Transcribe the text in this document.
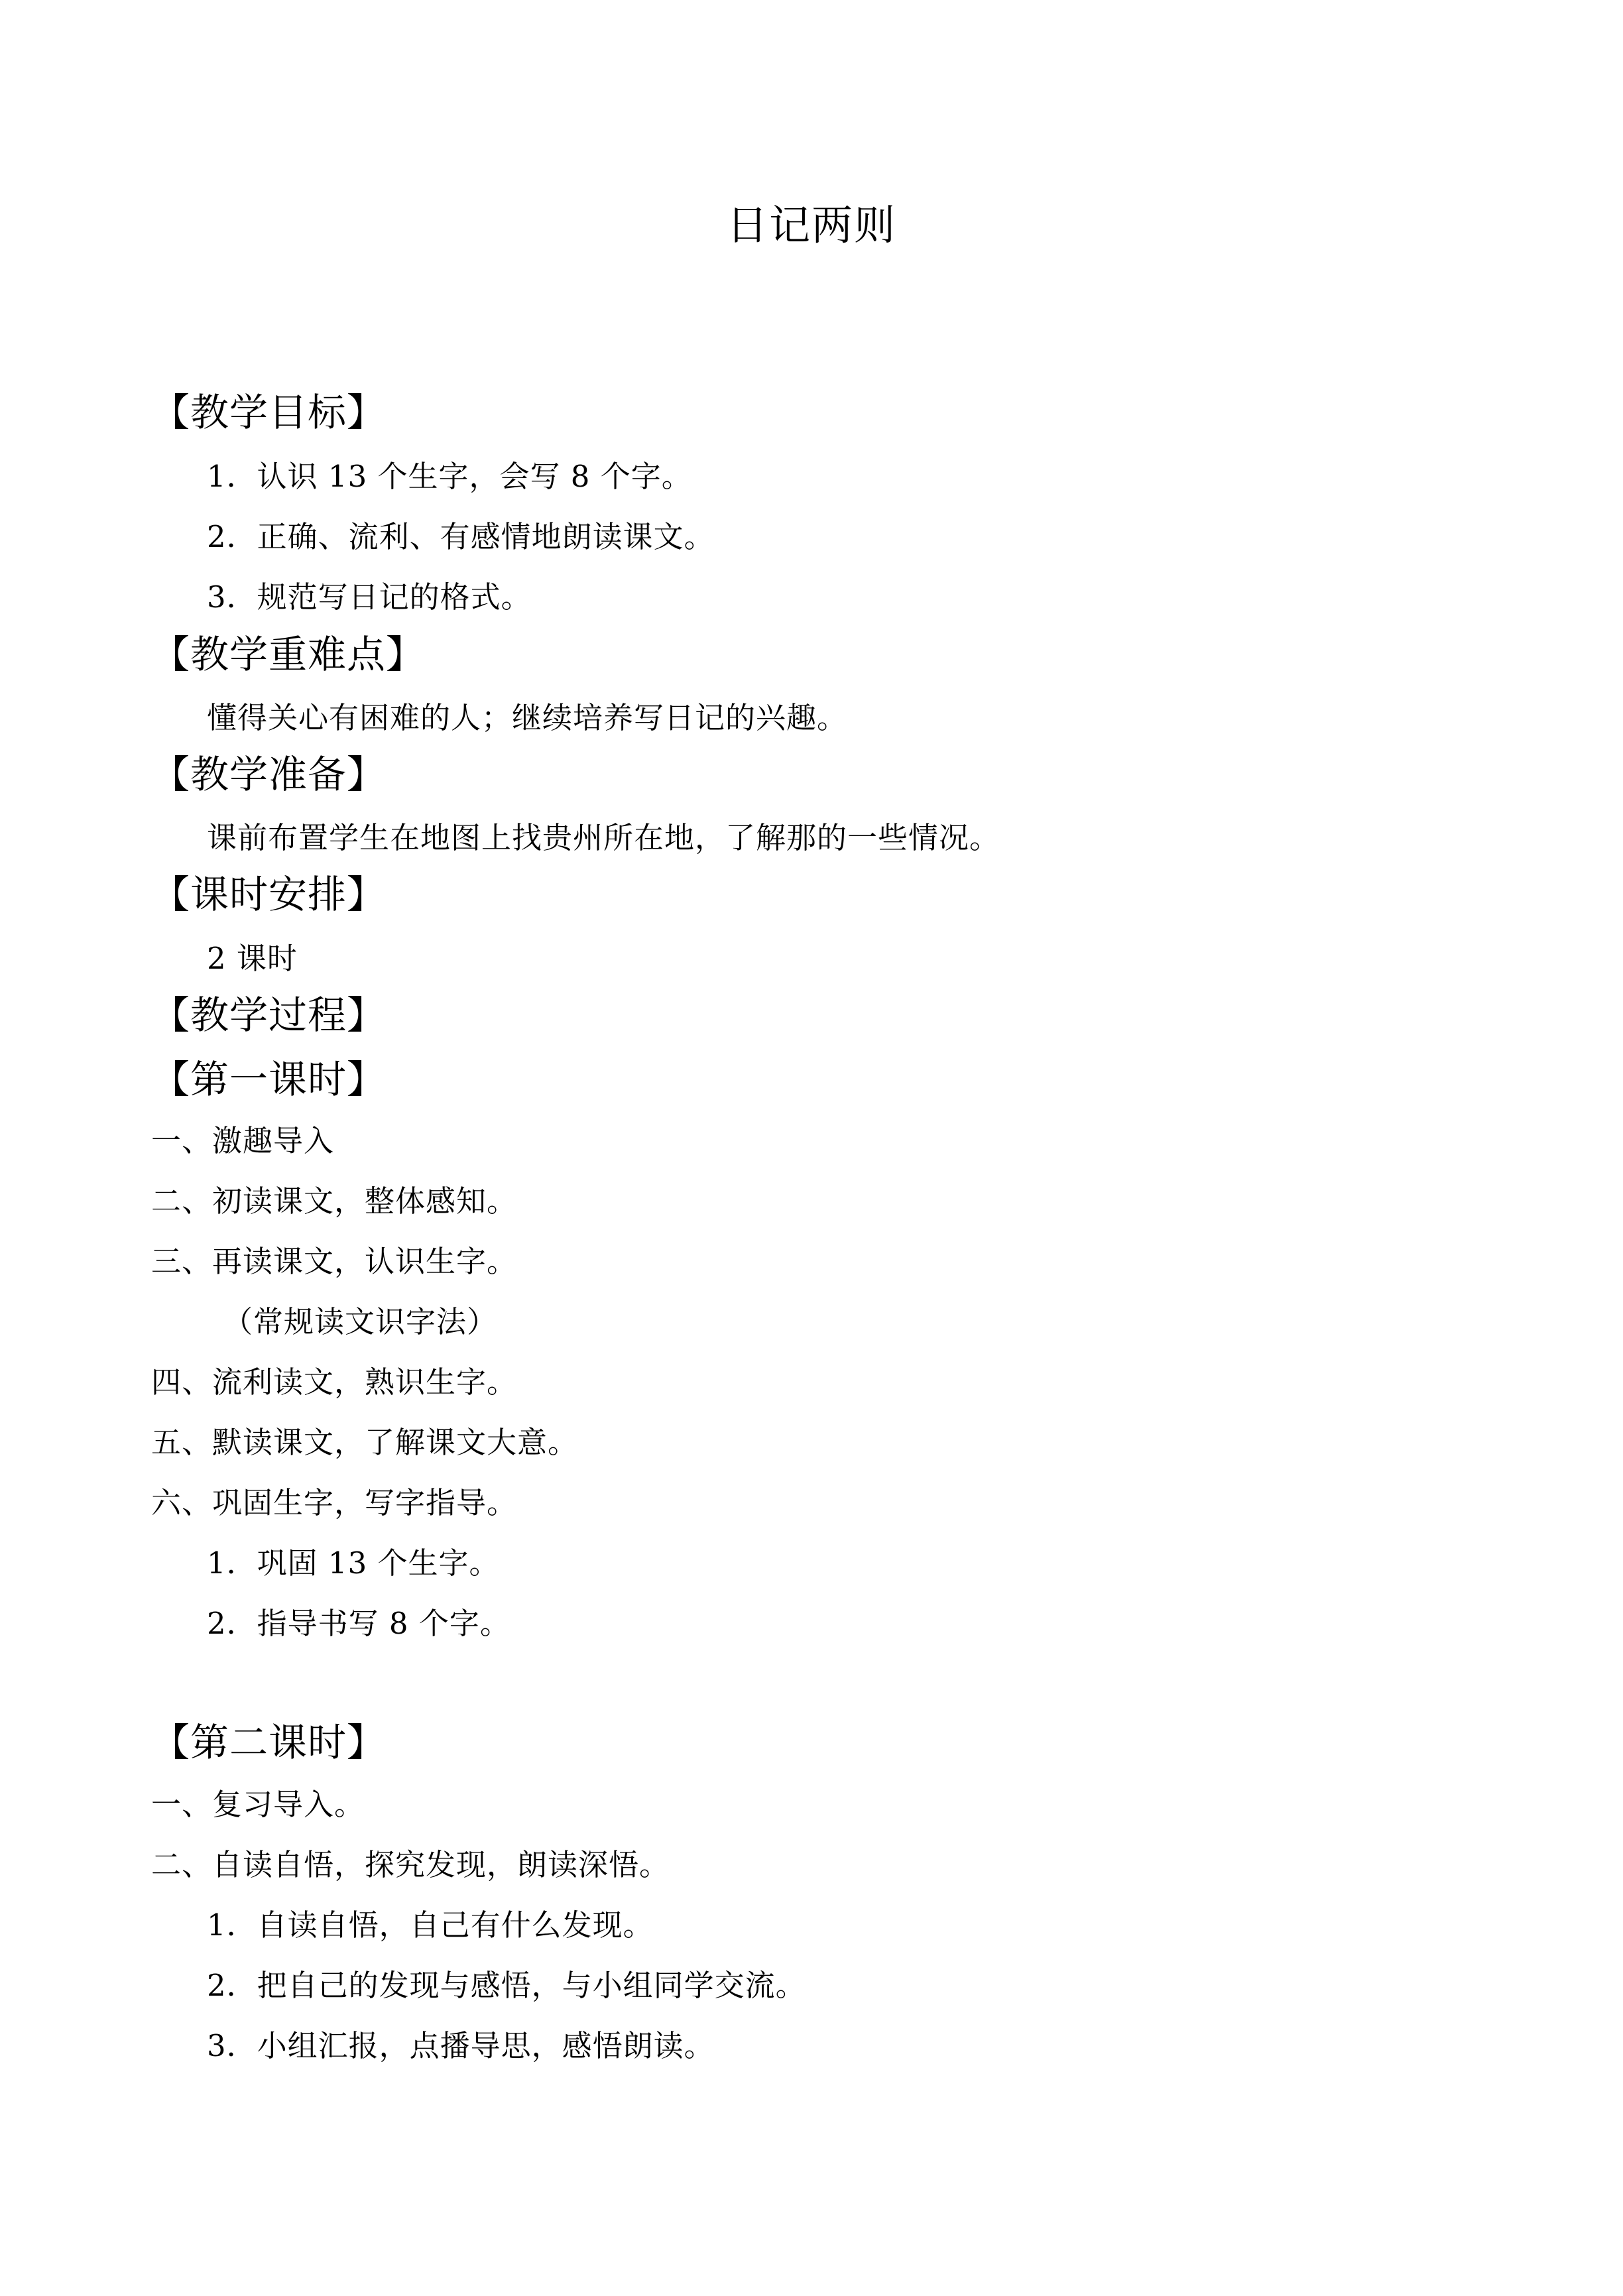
日记两则
【教学目标】
1．认识 13 个生字，会写 8 个字。
2．正确、流利、有感情地朗读课文。
3．规范写日记的格式。
【教学重难点】
懂得关心有困难的人；继续培养写日记的兴趣。
【教学准备】
课前布置学生在地图上找贵州所在地，了解那的一些情况。
【课时安排】
2 课时
【教学过程】
【第一课时】
一、激趣导入
二、初读课文，整体感知。
三、再读课文，认识生字。
（常规读文识字法）
四、流利读文，熟识生字。
五、默读课文，了解课文大意。
六、巩固生字，写字指导。
1．巩固 13 个生字。
2．指导书写 8 个字。
【第二课时】
一、复习导入。
二、自读自悟，探究发现，朗读深悟。
1．自读自悟，自己有什么发现。
2．把自己的发现与感悟，与小组同学交流。
3．小组汇报，点播导思，感悟朗读。
